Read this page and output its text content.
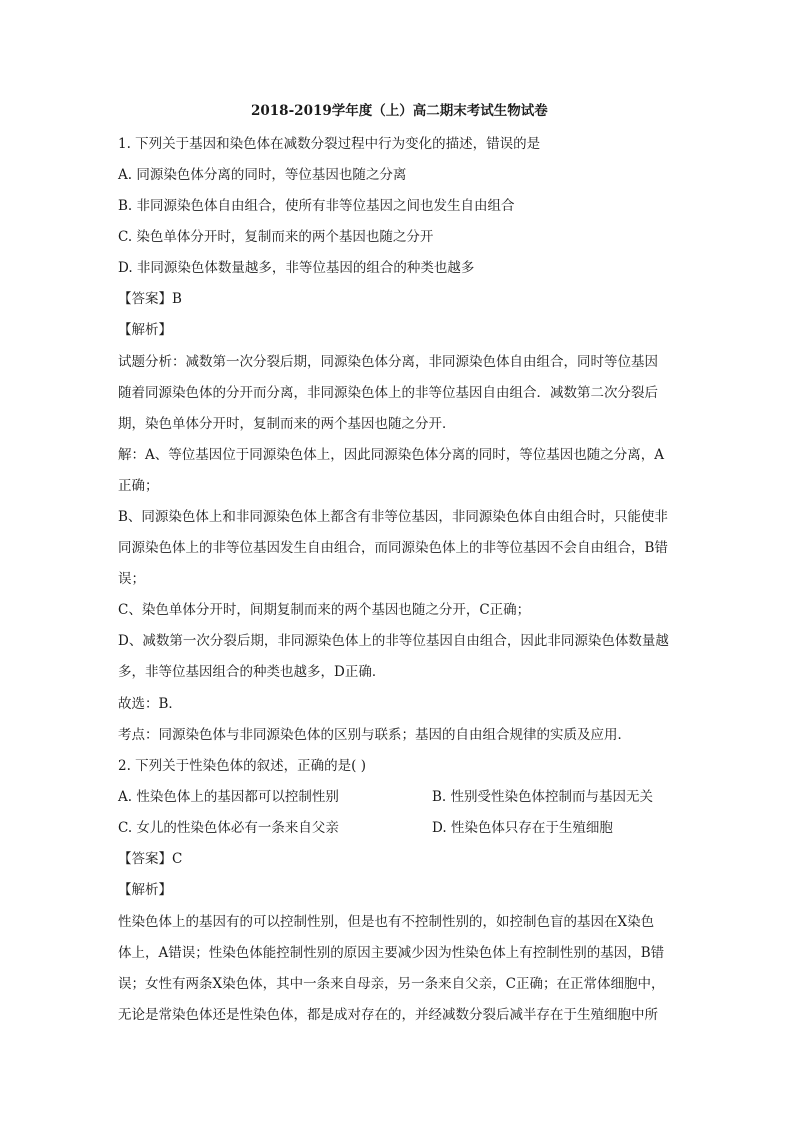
2018-2019学年度（上）高二期末考试生物试卷
1. 下列关于基因和染色体在减数分裂过程中行为变化的描述，错误的是
A. 同源染色体分离的同时，等位基因也随之分离
B. 非同源染色体自由组合，使所有非等位基因之间也发生自由组合
C. 染色单体分开时，复制而来的两个基因也随之分开
D. 非同源染色体数量越多，非等位基因的组合的种类也越多
【答案】B
【解析】
试题分析：减数第一次分裂后期，同源染色体分离，非同源染色体自由组合，同时等位基因
随着同源染色体的分开而分离，非同源染色体上的非等位基因自由组合．减数第二次分裂后
期，染色单体分开时，复制而来的两个基因也随之分开．
解：A、等位基因位于同源染色体上，因此同源染色体分离的同时，等位基因也随之分离，A
正确；
B、同源染色体上和非同源染色体上都含有非等位基因，非同源染色体自由组合时，只能使非
同源染色体上的非等位基因发生自由组合，而同源染色体上的非等位基因不会自由组合，B错
误；
C、染色单体分开时，间期复制而来的两个基因也随之分开，C正确；
D、减数第一次分裂后期，非同源染色体上的非等位基因自由组合，因此非同源染色体数量越
多，非等位基因组合的种类也越多，D正确．
故选：B．
考点：同源染色体与非同源染色体的区别与联系；基因的自由组合规律的实质及应用．
2. 下列关于性染色体的叙述，正确的是( )
A. 性染色体上的基因都可以控制性别	B. 性别受性染色体控制而与基因无关
C. 女儿的性染色体必有一条来自父亲	D. 性染色体只存在于生殖细胞
【答案】C
【解析】
性染色体上的基因有的可以控制性别，但是也有不控制性别的，如控制色盲的基因在X染色
体上，A错误；性染色体能控制性别的原因主要减少因为性染色体上有控制性别的基因，B错
误；女性有两条X染色体，其中一条来自母亲，另一条来自父亲，C正确；在正常体细胞中，
无论是常染色体还是性染色体，都是成对存在的，并经减数分裂后减半存在于生殖细胞中所
